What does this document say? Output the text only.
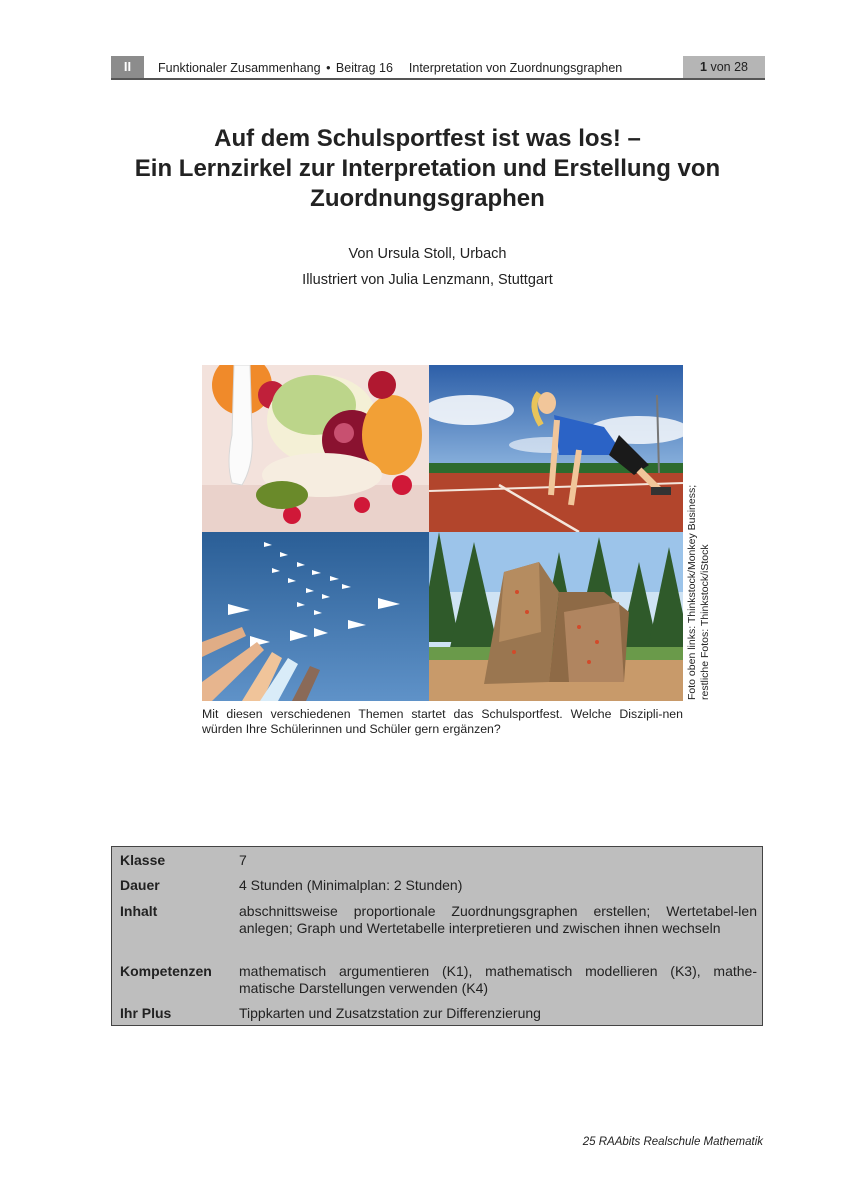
II	Funktionaler Zusammenhang • Beitrag 16 Interpretation von Zuordnungsgraphen	1 von 28
Auf dem Schulsportfest ist was los! –
Ein Lernzirkel zur Interpretation und Erstellung von
Zuordnungsgraphen
Von Ursula Stoll, Urbach
Illustriert von Julia Lenzmann, Stuttgart
Foto oben links: Thinkstock/Monkey Business; restliche Fotos: Thinkstock/iStock
Mit diesen verschiedenen Themen startet das Schulsportfest. Welche Diszipli-nen würden Ihre Schülerinnen und Schüler gern ergänzen?
Klasse	7
Dauer	4 Stunden (Minimalplan: 2 Stunden)
Inhalt	abschnittsweise proportionale Zuordnungsgraphen erstellen; Wertetabel-len anlegen; Graph und Wertetabelle interpretieren und zwischen ihnen wechseln
Kompetenzen mathematisch argumentieren (K1), mathematisch modellieren (K3), mathe-matische Darstellungen verwenden (K4)
Ihr Plus	Tippkarten und Zusatzstation zur Differenzierung
25 RAAbits Realschule Mathematik
